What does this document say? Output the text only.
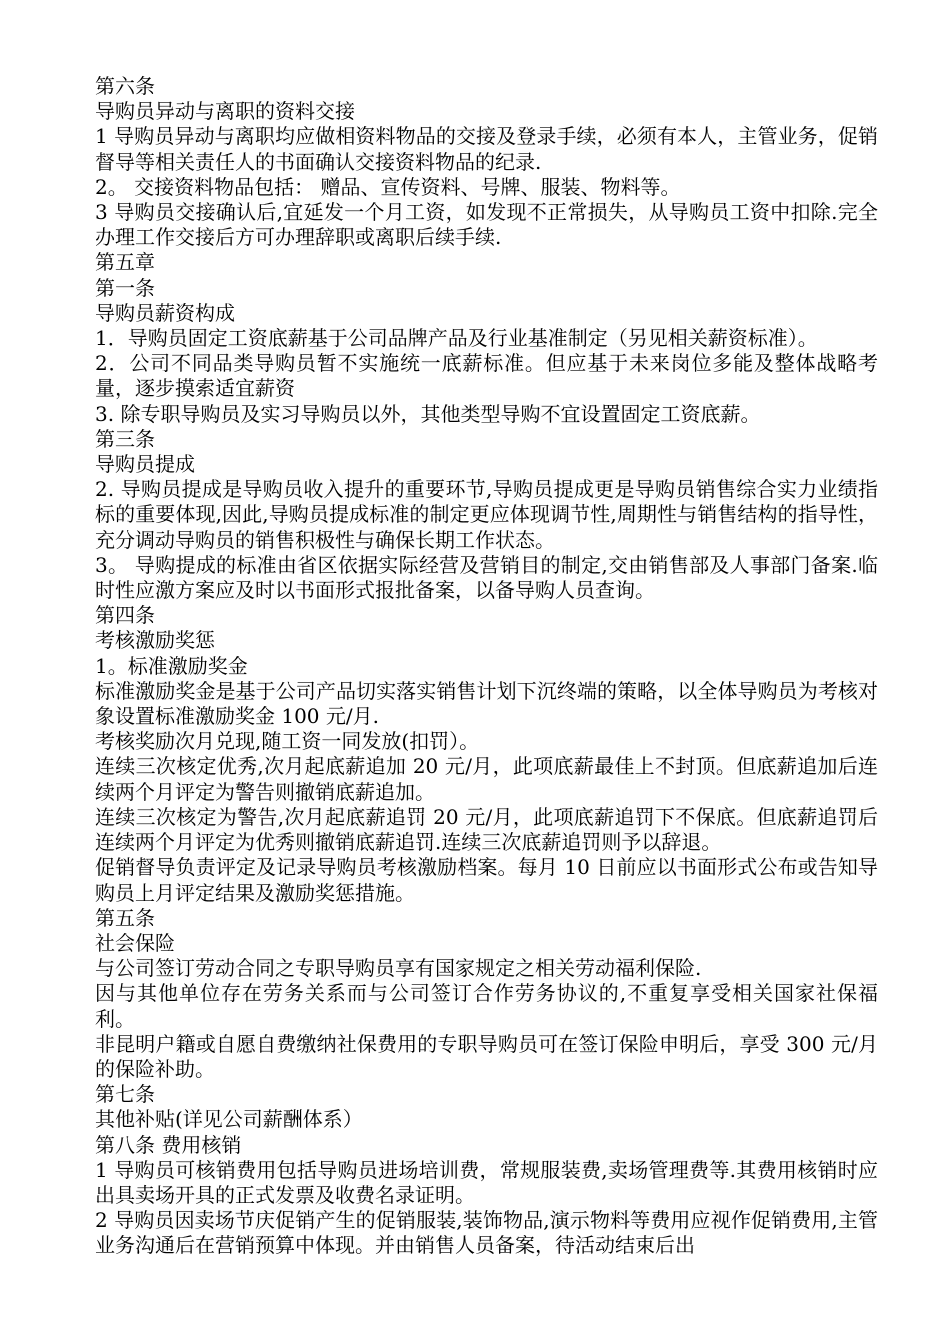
第六条

导购员异动与离职的资料交接

1 导购员异动与离职均应做相资料物品的交接及登录手续，必须有本人，主管业务，促销督导等相关责任人的书面确认交接资料物品的纪录.

2。 交接资料物品包括： 赠品、宣传资料、号牌、服装、物料等。

3 导购员交接确认后,宜延发一个月工资，如发现不正常损失，从导购员工资中扣除.完全办理工作交接后方可办理辞职或离职后续手续.

第五章

第一条

导购员薪资构成

1．导购员固定工资底薪基于公司品牌产品及行业基准制定（另见相关薪资标准）。

2．公司不同品类导购员暂不实施统一底薪标准。但应基于未来岗位多能及整体战略考量，逐步摸索适宜薪资

3. 除专职导购员及实习导购员以外，其他类型导购不宜设置固定工资底薪。

第三条

导购员提成

2. 导购员提成是导购员收入提升的重要环节,导购员提成更是导购员销售综合实力业绩指标的重要体现,因此,导购员提成标准的制定更应体现调节性,周期性与销售结构的指导性，充分调动导购员的销售积极性与确保长期工作状态。

3。 导购提成的标准由省区依据实际经营及营销目的制定,交由销售部及人事部门备案.临时性应激方案应及时以书面形式报批备案，以备导购人员查询。

第四条

考核激励奖惩

1。标准激励奖金

标准激励奖金是基于公司产品切实落实销售计划下沉终端的策略，以全体导购员为考核对象设置标准激励奖金 100 元/月.

考核奖励次月兑现,随工资一同发放(扣罚）。

连续三次核定优秀,次月起底薪追加 20 元/月，此项底薪最佳上不封顶。但底薪追加后连续两个月评定为警告则撤销底薪追加。

连续三次核定为警告,次月起底薪追罚 20 元/月，此项底薪追罚下不保底。但底薪追罚后连续两个月评定为优秀则撤销底薪追罚.连续三次底薪追罚则予以辞退。

促销督导负责评定及记录导购员考核激励档案。每月 10 日前应以书面形式公布或告知导购员上月评定结果及激励奖惩措施。

第五条

社会保险

与公司签订劳动合同之专职导购员享有国家规定之相关劳动福利保险.

因与其他单位存在劳务关系而与公司签订合作劳务协议的,不重复享受相关国家社保福利。

非昆明户籍或自愿自费缴纳社保费用的专职导购员可在签订保险申明后，享受 300 元/月的保险补助。

第七条

其他补贴(详见公司薪酬体系）

第八条 费用核销

1 导购员可核销费用包括导购员进场培训费，常规服装费,卖场管理费等.其费用核销时应出具卖场开具的正式发票及收费名录证明。

2 导购员因卖场节庆促销产生的促销服装,装饰物品,演示物料等费用应视作促销费用,主管业务沟通后在营销预算中体现。并由销售人员备案，待活动结束后出
